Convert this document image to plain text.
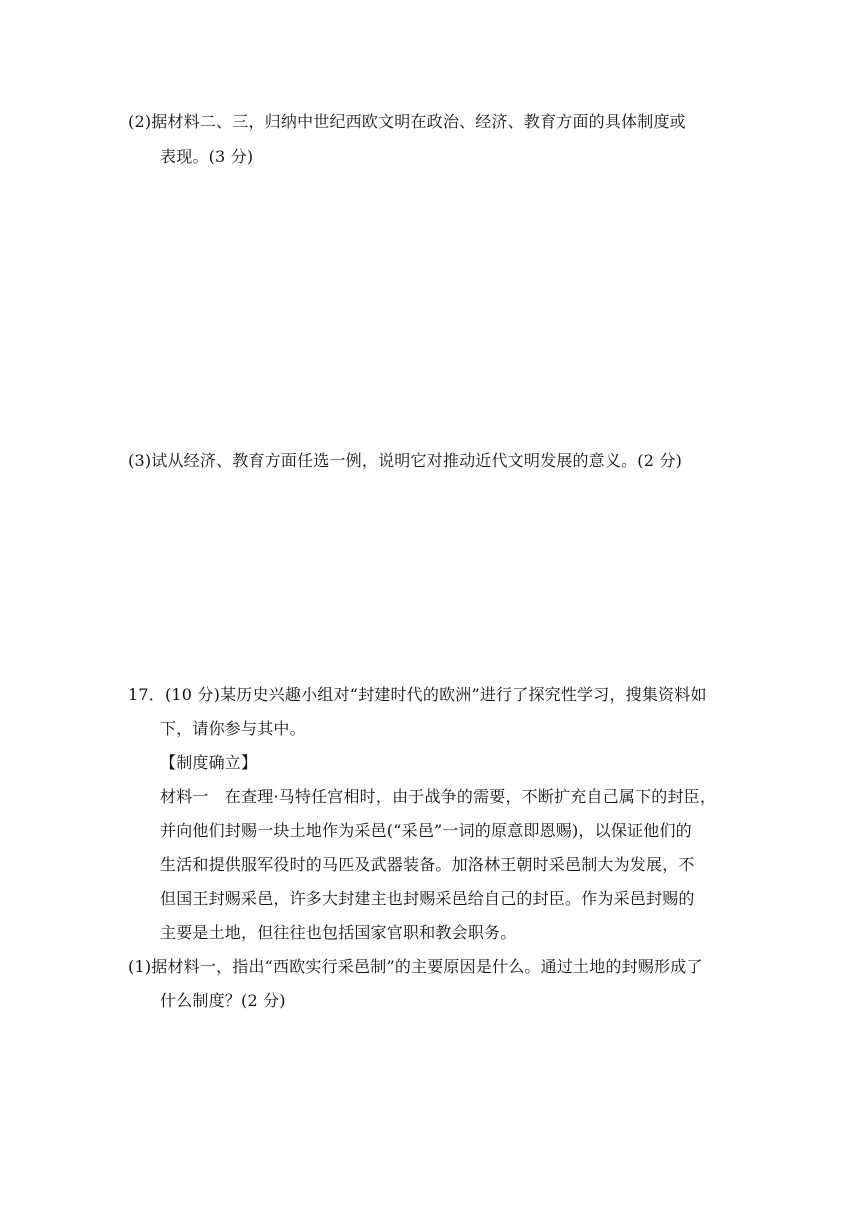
(2)据材料二、三，归纳中世纪西欧文明在政治、经济、教育方面的具体制度或
表现。(3 分)
(3)试从经济、教育方面任选一例，说明它对推动近代文明发展的意义。(2 分)
17．(10 分)某历史兴趣小组对“封建时代的欧洲”进行了探究性学习，搜集资料如
下，请你参与其中。
【制度确立】
材料一　在查理·马特任宫相时，由于战争的需要，不断扩充自己属下的封臣，
并向他们封赐一块土地作为采邑(“采邑”一词的原意即恩赐)，以保证他们的
生活和提供服军役时的马匹及武器装备。加洛林王朝时采邑制大为发展，不
但国王封赐采邑，许多大封建主也封赐采邑给自己的封臣。作为采邑封赐的
主要是土地，但往往也包括国家官职和教会职务。
(1)据材料一，指出“西欧实行采邑制”的主要原因是什么。通过土地的封赐形成了
什么制度？(2 分)
